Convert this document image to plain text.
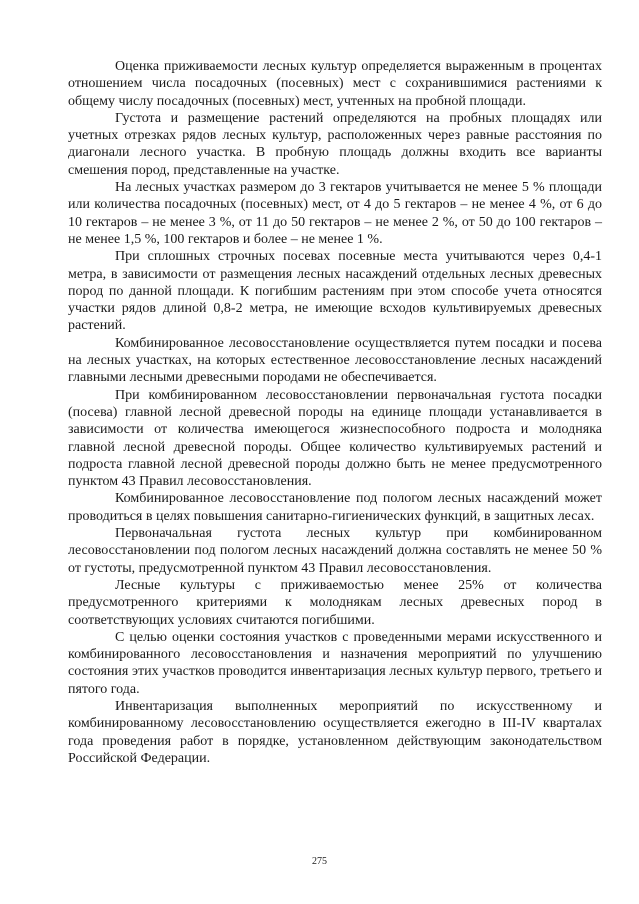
Оценка приживаемости лесных культур определяется выраженным в процентах отношением числа посадочных (посевных) мест с сохранившимися растениями к общему числу посадочных (посевных) мест, учтенных на пробной площади.

Густота и размещение растений определяются на пробных площадях или учетных отрезках рядов лесных культур, расположенных через равные расстояния по диагонали лесного участка. В пробную площадь должны входить все варианты смешения пород, представленные на участке.

На лесных участках размером до 3 гектаров учитывается не менее 5 % площади или количества посадочных (посевных) мест, от 4 до 5 гектаров – не менее 4 %, от 6 до 10 гектаров – не менее 3 %, от 11 до 50 гектаров – не менее 2 %, от 50 до 100 гектаров – не менее 1,5 %, 100 гектаров и более – не менее 1 %.

При сплошных строчных посевах посевные места учитываются через 0,4-1 метра, в зависимости от размещения лесных насаждений отдельных лесных древесных пород по данной площади. К погибшим растениям при этом способе учета относятся участки рядов длиной 0,8-2 метра, не имеющие всходов культивируемых древесных растений.

Комбинированное лесовосстановление осуществляется путем посадки и посева на лесных участках, на которых естественное лесовосстановление лесных насаждений главными лесными древесными породами не обеспечивается.

При комбинированном лесовосстановлении первоначальная густота посадки (посева) главной лесной древесной породы на единице площади устанавливается в зависимости от количества имеющегося жизнеспособного подроста и молодняка главной лесной древесной породы. Общее количество культивируемых растений и подроста главной лесной древесной породы должно быть не менее предусмотренного пунктом 43 Правил лесовосстановления.

Комбинированное лесовосстановление под пологом лесных насаждений может проводиться в целях повышения санитарно-гигиенических функций, в защитных лесах.

Первоначальная густота лесных культур при комбинированном лесовосстановлении под пологом лесных насаждений должна составлять не менее 50 % от густоты, предусмотренной пунктом 43 Правил лесовосстановления.

Лесные культуры с приживаемостью менее 25% от количества предусмотренного критериями к молоднякам лесных древесных пород в соответствующих условиях считаются погибшими.

С целью оценки состояния участков с проведенными мерами искусственного и комбинированного лесовосстановления и назначения мероприятий по улучшению состояния этих участков проводится инвентаризация лесных культур первого, третьего и пятого года.

Инвентаризация выполненных мероприятий по искусственному и комбинированному лесовосстановлению осуществляется ежегодно в III-IV кварталах года проведения работ в порядке, установленном действующим законодательством Российской Федерации.

275
